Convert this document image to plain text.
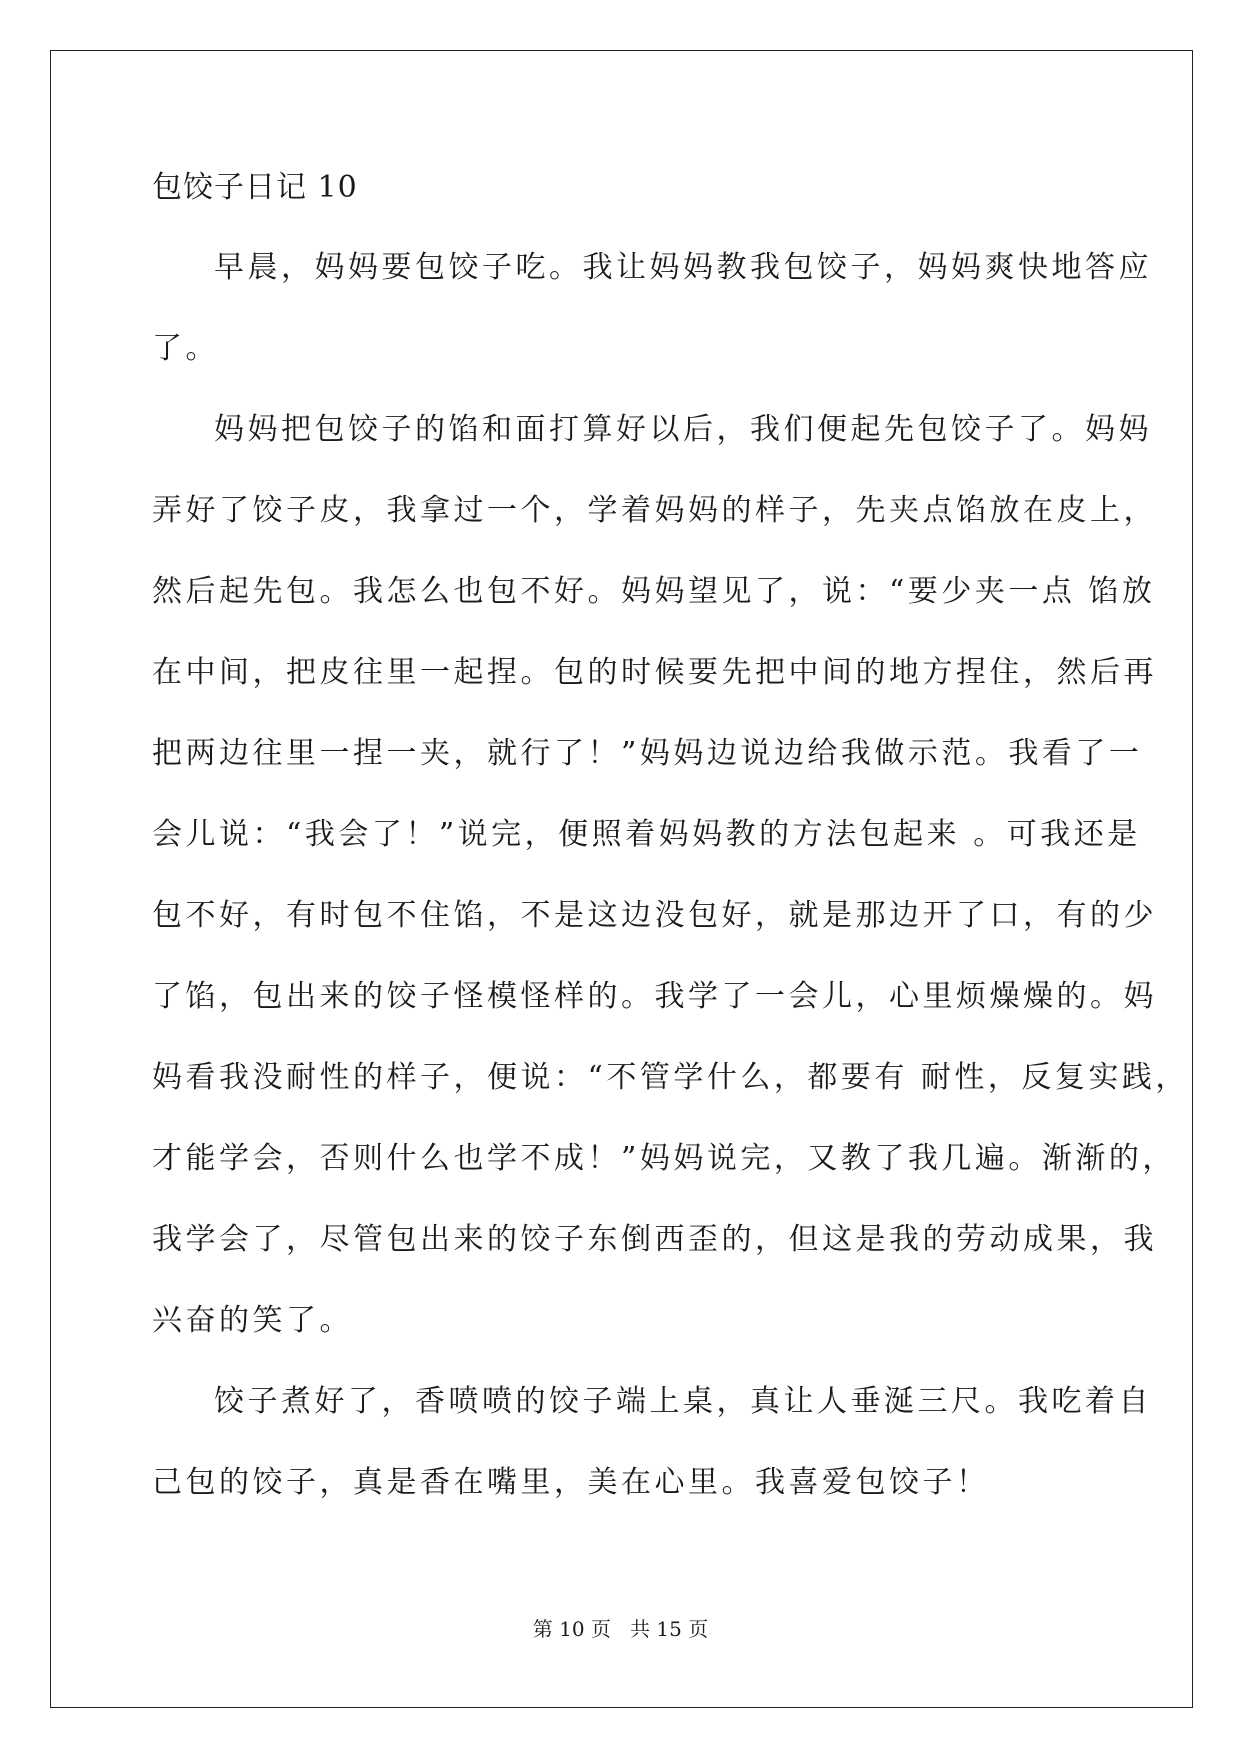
包饺子日记 10
早晨，妈妈要包饺子吃。我让妈妈教我包饺子，妈妈爽快地答应
了。
妈妈把包饺子的馅和面打算好以后，我们便起先包饺子了。妈妈
弄好了饺子皮，我拿过一个，学着妈妈的样子，先夹点馅放在皮上，
然后起先包。我怎么也包不好。妈妈望见了，说：“要少夹一点 馅放
在中间，把皮往里一起捏。包的时候要先把中间的地方捏住，然后再
把两边往里一捏一夹，就行了！”妈妈边说边给我做示范。我看了一
会儿说：“我会了！”说完，便照着妈妈教的方法包起来 。可我还是
包不好，有时包不住馅，不是这边没包好，就是那边开了口，有的少
了馅，包出来的饺子怪模怪样的。我学了一会儿，心里烦燥燥的。妈
妈看我没耐性的样子，便说：“不管学什么，都要有 耐性，反复实践，
才能学会，否则什么也学不成！”妈妈说完，又教了我几遍。渐渐的，
我学会了，尽管包出来的饺子东倒西歪的，但这是我的劳动成果，我
兴奋的笑了。
饺子煮好了，香喷喷的饺子端上桌，真让人垂涎三尺。我吃着自
己包的饺子，真是香在嘴里，美在心里。我喜爱包饺子！
第 10 页 共 15 页
